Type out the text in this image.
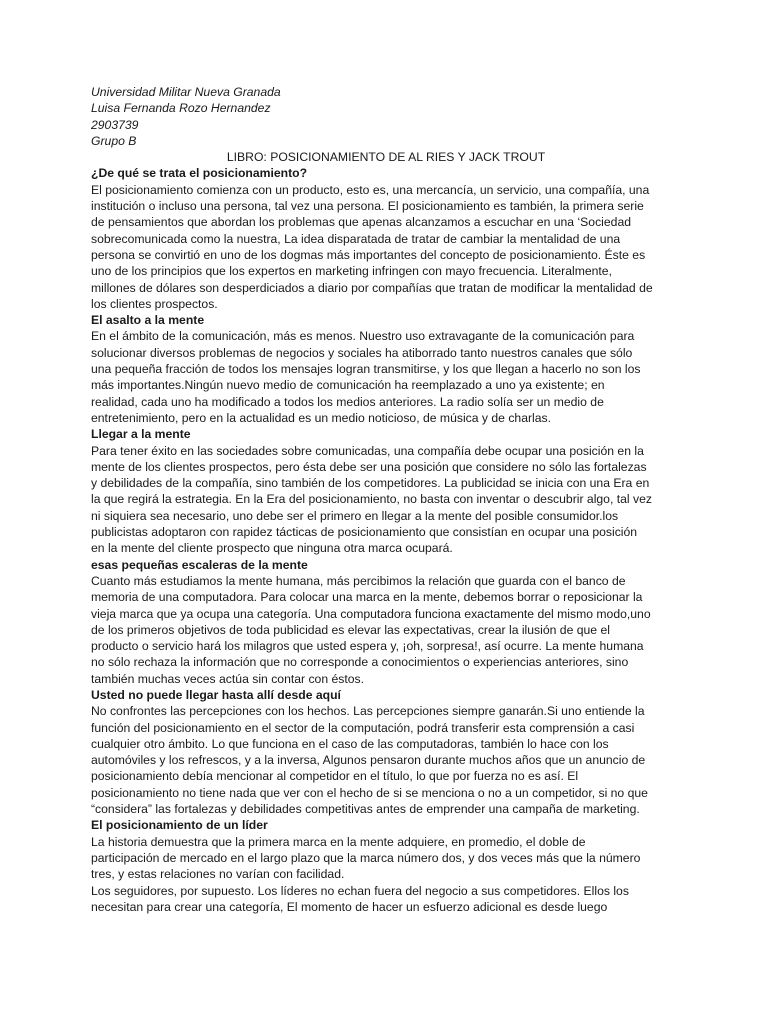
Universidad Militar Nueva Granada

Luisa Fernanda Rozo Hernandez

2903739

Grupo B

LIBRO: POSICIONAMIENTO DE AL RIES Y JACK TROUT

¿De qué se trata el posicionamiento?

El posicionamiento comienza con un producto, esto es, una mercancía, un servicio, una compañía, una institución o incluso una persona, tal vez una persona. El posicionamiento es también, la primera serie de pensamientos que abordan los problemas que apenas alcanzamos a escuchar en una ‘Sociedad sobrecomunicada como la nuestra, La idea disparatada de tratar de cambiar la mentalidad de una persona se convirtió en uno de los dogmas más importantes del concepto de posicionamiento. Éste es uno de los principios que los expertos en marketing infringen con mayo frecuencia. Literalmente, millones de dólares son desperdiciados a diario por compañías que tratan de modificar la mentalidad de los clientes prospectos.

El asalto a la mente

En el ámbito de la comunicación, más es menos. Nuestro uso extravagante de la comunicación para solucionar diversos problemas de negocios y sociales ha atiborrado tanto nuestros canales que sólo una pequeña fracción de todos los mensajes logran transmitirse, y los que llegan a hacerlo no son los más importantes.Ningún nuevo medio de comunicación ha reemplazado a uno ya existente; en realidad, cada uno ha modificado a todos los medios anteriores. La radio solía ser un medio de entretenimiento, pero en la actualidad es un medio noticioso, de música y de charlas.

Llegar a la mente

Para tener éxito en las sociedades sobre comunicadas, una compañía debe ocupar una posición en la mente de los clientes prospectos, pero ésta debe ser una posición que considere no sólo las fortalezas y debilidades de la compañía, sino también de los competidores. La publicidad se inicia con una Era en la que regirá la estrategia. En la Era del posicionamiento, no basta con inventar o descubrir algo, tal vez ni siquiera sea necesario, uno debe ser el primero en llegar a la mente del posible consumidor.los publicistas adoptaron con rapidez tácticas de posicionamiento que consistían en ocupar una posición en la mente del cliente prospecto que ninguna otra marca ocupará.

esas pequeñas escaleras de la mente

Cuanto más estudiamos la mente humana, más percibimos la relación que guarda con el banco de memoria de una computadora. Para colocar una marca en la mente, debemos borrar o reposicionar la vieja marca que ya ocupa una categoría. Una computadora funciona exactamente del mismo modo,uno de los primeros objetivos de toda publicidad es elevar las expectativas, crear la ilusión de que el producto o servicio hará los milagros que usted espera y, ¡oh, sorpresa!, así ocurre. La mente humana no sólo rechaza la información que no corresponde a conocimientos o experiencias anteriores, sino también muchas veces actúa sin contar con éstos.

Usted no puede llegar hasta allí desde aquí

No confrontes las percepciones con los hechos. Las percepciones siempre ganarán.Si uno entiende la función del posicionamiento en el sector de la computación, podrá transferir esta comprensión a casi cualquier otro ámbito. Lo que funciona en el caso de las computadoras, también lo hace con los automóviles y los refrescos, y a la inversa, Algunos pensaron durante muchos años que un anuncio de posicionamiento debía mencionar al competidor en el título, lo que por fuerza no es así. El posicionamiento no tiene nada que ver con el hecho de si se menciona o no a un competidor, si no que “considera” las fortalezas y debilidades competitivas antes de emprender una campaña de marketing.

El posicionamiento de un líder

La historia demuestra que la primera marca en la mente adquiere, en promedio, el doble de participación de mercado en el largo plazo que la marca número dos, y dos veces más que la número tres, y estas relaciones no varían con facilidad.

Los seguidores, por supuesto. Los líderes no echan fuera del negocio a sus competidores. Ellos los necesitan para crear una categoría, El momento de hacer un esfuerzo adicional es desde luego
